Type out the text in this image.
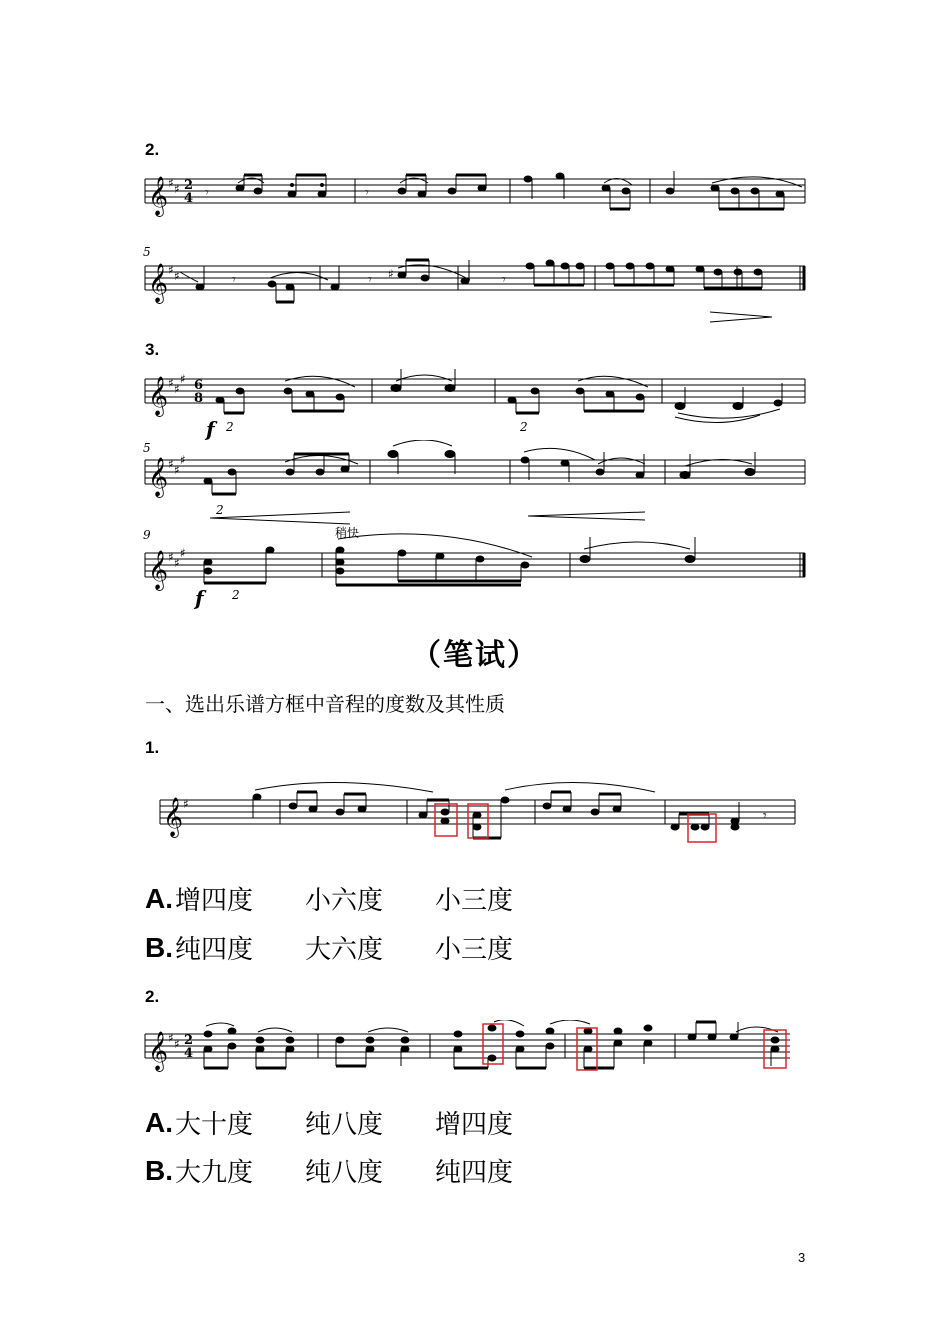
2.
3.
𝄞 ♯ ♯ 2
4 𝄾	𝄾
5
𝄞 ♯ ♯	𝄾	𝄾 ♯	𝄾
𝄞 ♯ ♯
♯ 6
8
f 2	2
5
𝄞 ♯ ♯
♯
2
稍快
9
𝄞 ♯ ♯
♯
f 2
（笔试）
一、选出乐谱方框中音程的度数及其性质
1.
𝄞 ♯
𝄾
A. 增四度	小六度	小三度
B. 纯四度	大六度	小三度
2.
𝄞 ♯ ♯ 2
4
A. 大十度	纯八度	增四度
B. 大九度	纯八度	纯四度
3
